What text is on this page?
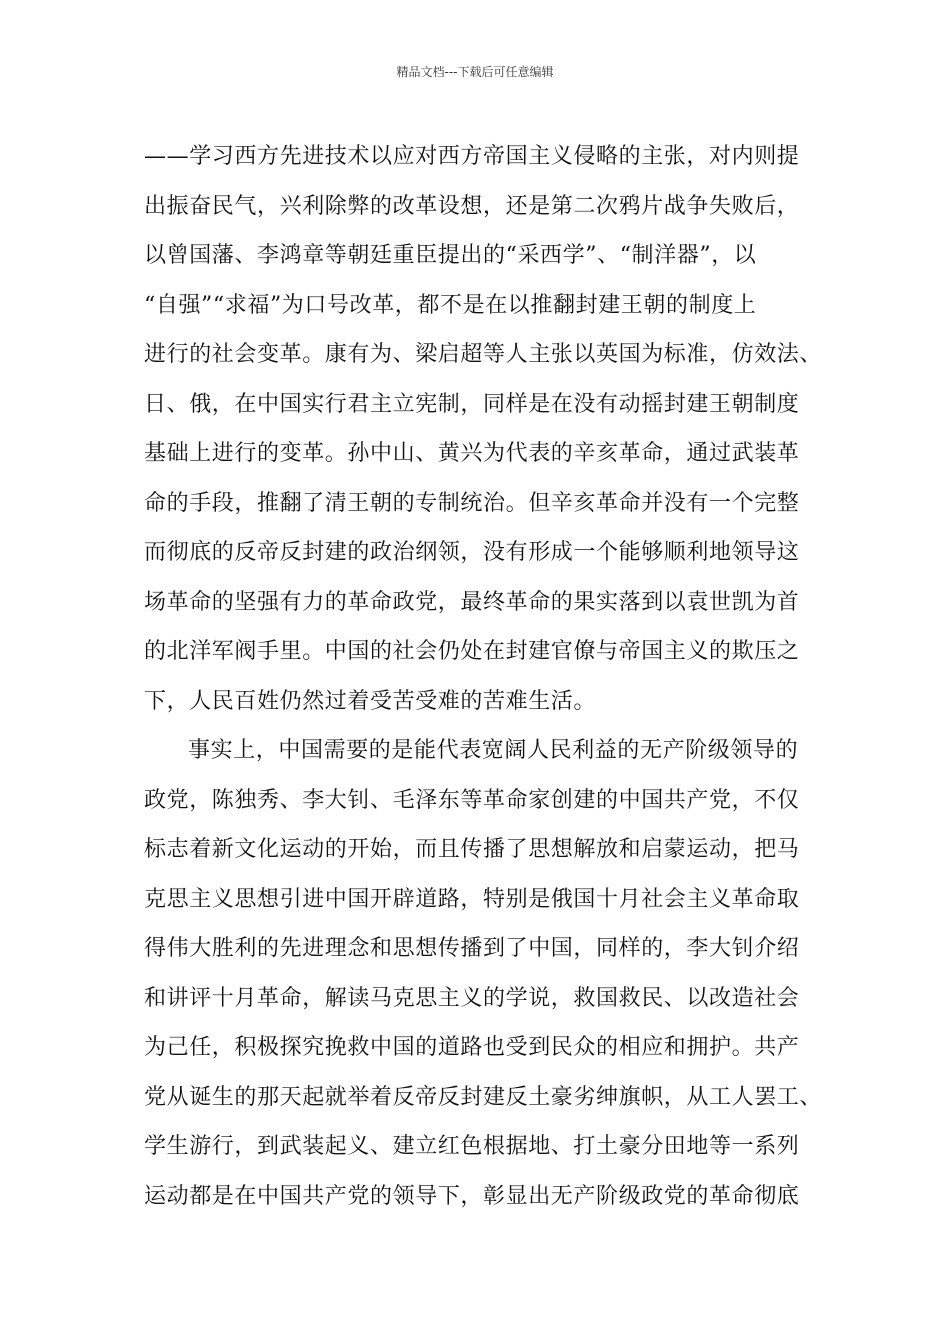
精品文档---下载后可任意编辑
——学习西方先进技术以应对西方帝国主义侵略的主张，对内则提
出振奋民气，兴利除弊的改革设想，还是第二次鸦片战争失败后，
以曾国藩、李鸿章等朝廷重臣提出的“采西学”、“制洋器”，以
“自强”“求福”为口号改革，都不是在以推翻封建王朝的制度上
进行的社会变革。康有为、梁启超等人主张以英国为标准，仿效法、
日、俄，在中国实行君主立宪制，同样是在没有动摇封建王朝制度
基础上进行的变革。孙中山、黄兴为代表的辛亥革命，通过武装革
命的手段，推翻了清王朝的专制统治。但辛亥革命并没有一个完整
而彻底的反帝反封建的政治纲领，没有形成一个能够顺利地领导这
场革命的坚强有力的革命政党，最终革命的果实落到以袁世凯为首
的北洋军阀手里。中国的社会仍处在封建官僚与帝国主义的欺压之
下，人民百姓仍然过着受苦受难的苦难生活。
事实上，中国需要的是能代表宽阔人民利益的无产阶级领导的
政党，陈独秀、李大钊、毛泽东等革命家创建的中国共产党，不仅
标志着新文化运动的开始，而且传播了思想解放和启蒙运动，把马
克思主义思想引进中国开辟道路，特别是俄国十月社会主义革命取
得伟大胜利的先进理念和思想传播到了中国，同样的，李大钊介绍
和讲评十月革命，解读马克思主义的学说，救国救民、以改造社会
为己任，积极探究挽救中国的道路也受到民众的相应和拥护。共产
党从诞生的那天起就举着反帝反封建反土豪劣绅旗帜，从工人罢工、
学生游行，到武装起义、建立红色根据地、打土豪分田地等一系列
运动都是在中国共产党的领导下，彰显出无产阶级政党的革命彻底
